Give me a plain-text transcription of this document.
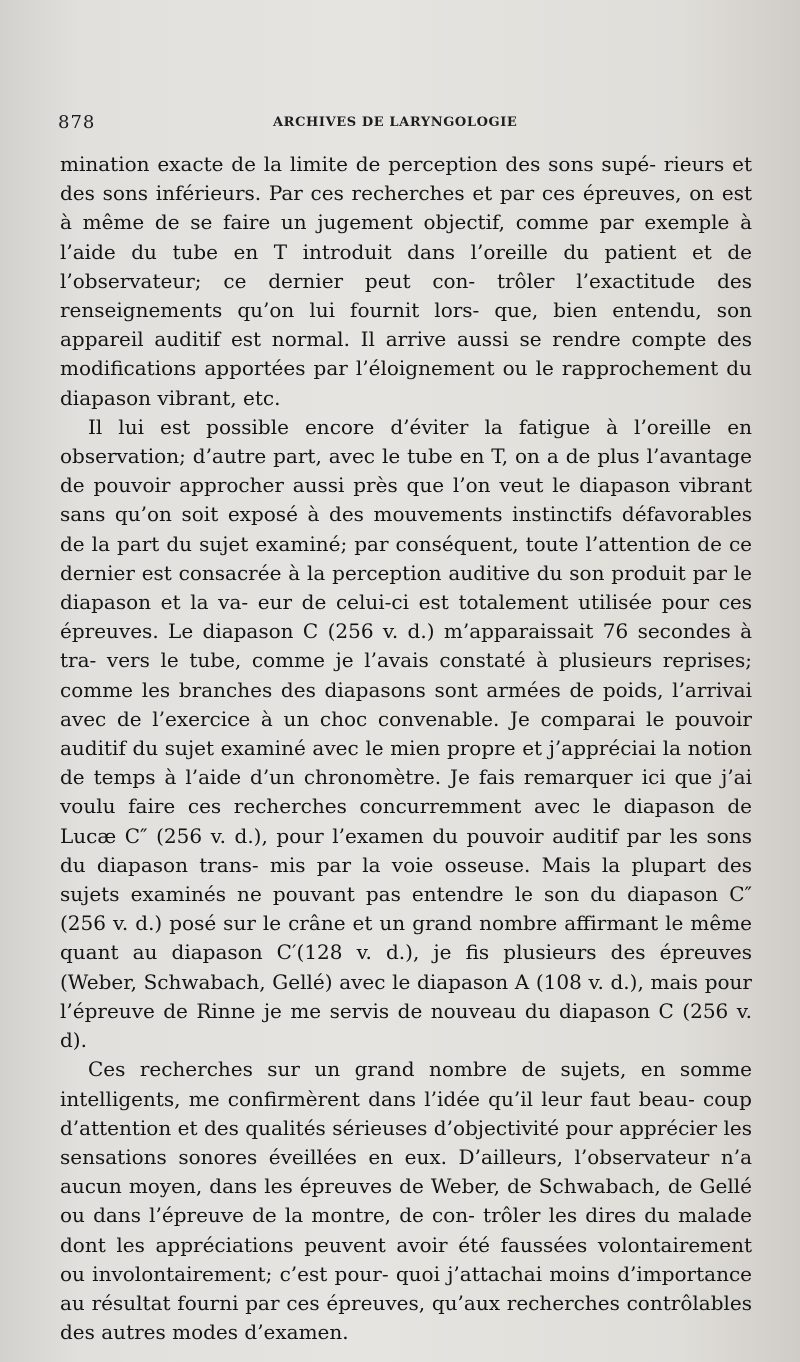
878	ARCHIVES DE LARYNGOLOGIE

mination exacte de la limite de perception des sons supé- rieurs et des sons inférieurs. Par ces recherches et par ces épreuves, on est à même de se faire un jugement objectif, comme par exemple à l’aide du tube en T introduit dans l’oreille du patient et de l’observateur; ce dernier peut con- trôler l’exactitude des renseignements qu’on lui fournit lors- que, bien entendu, son appareil auditif est normal. Il arrive aussi se rendre compte des modifications apportées par l’éloignement ou le rapprochement du diapason vibrant, etc.

Il lui est possible encore d’éviter la fatigue à l’oreille en observation; d’autre part, avec le tube en T, on a de plus l’avantage de pouvoir approcher aussi près que l’on veut le diapason vibrant sans qu’on soit exposé à des mouvements instinctifs défavorables de la part du sujet examiné; par conséquent, toute l’attention de ce dernier est consacrée à la perception auditive du son produit par le diapason et la va- eur de celui-ci est totalement utilisée pour ces épreuves. Le diapason C (256 v. d.) m’apparaissait 76 secondes à tra- vers le tube, comme je l’avais constaté à plusieurs reprises; comme les branches des diapasons sont armées de poids, l’arrivai avec de l’exercice à un choc convenable. Je comparai le pouvoir auditif du sujet examiné avec le mien propre et j’appréciai la notion de temps à l’aide d’un chronomètre. Je fais remarquer ici que j’ai voulu faire ces recherches concurremment avec le diapason de Lucæ C″ (256 v. d.), pour l’examen du pouvoir auditif par les sons du diapason trans- mis par la voie osseuse. Mais la plupart des sujets examinés ne pouvant pas entendre le son du diapason C″ (256 v. d.) posé sur le crâne et un grand nombre affirmant le même quant au diapason C′(128 v. d.), je fis plusieurs des épreuves (Weber, Schwabach, Gellé) avec le diapason A (108 v. d.), mais pour l’épreuve de Rinne je me servis de nouveau du diapason C (256 v. d).

Ces recherches sur un grand nombre de sujets, en somme intelligents, me confirmèrent dans l’idée qu’il leur faut beau- coup d’attention et des qualités sérieuses d’objectivité pour apprécier les sensations sonores éveillées en eux. D’ailleurs, l’observateur n’a aucun moyen, dans les épreuves de Weber, de Schwabach, de Gellé ou dans l’épreuve de la montre, de con- trôler les dires du malade dont les appréciations peuvent avoir été faussées volontairement ou involontairement; c’est pour- quoi j’attachai moins d’importance au résultat fourni par ces épreuves, qu’aux recherches contrôlables des autres modes d’examen.
